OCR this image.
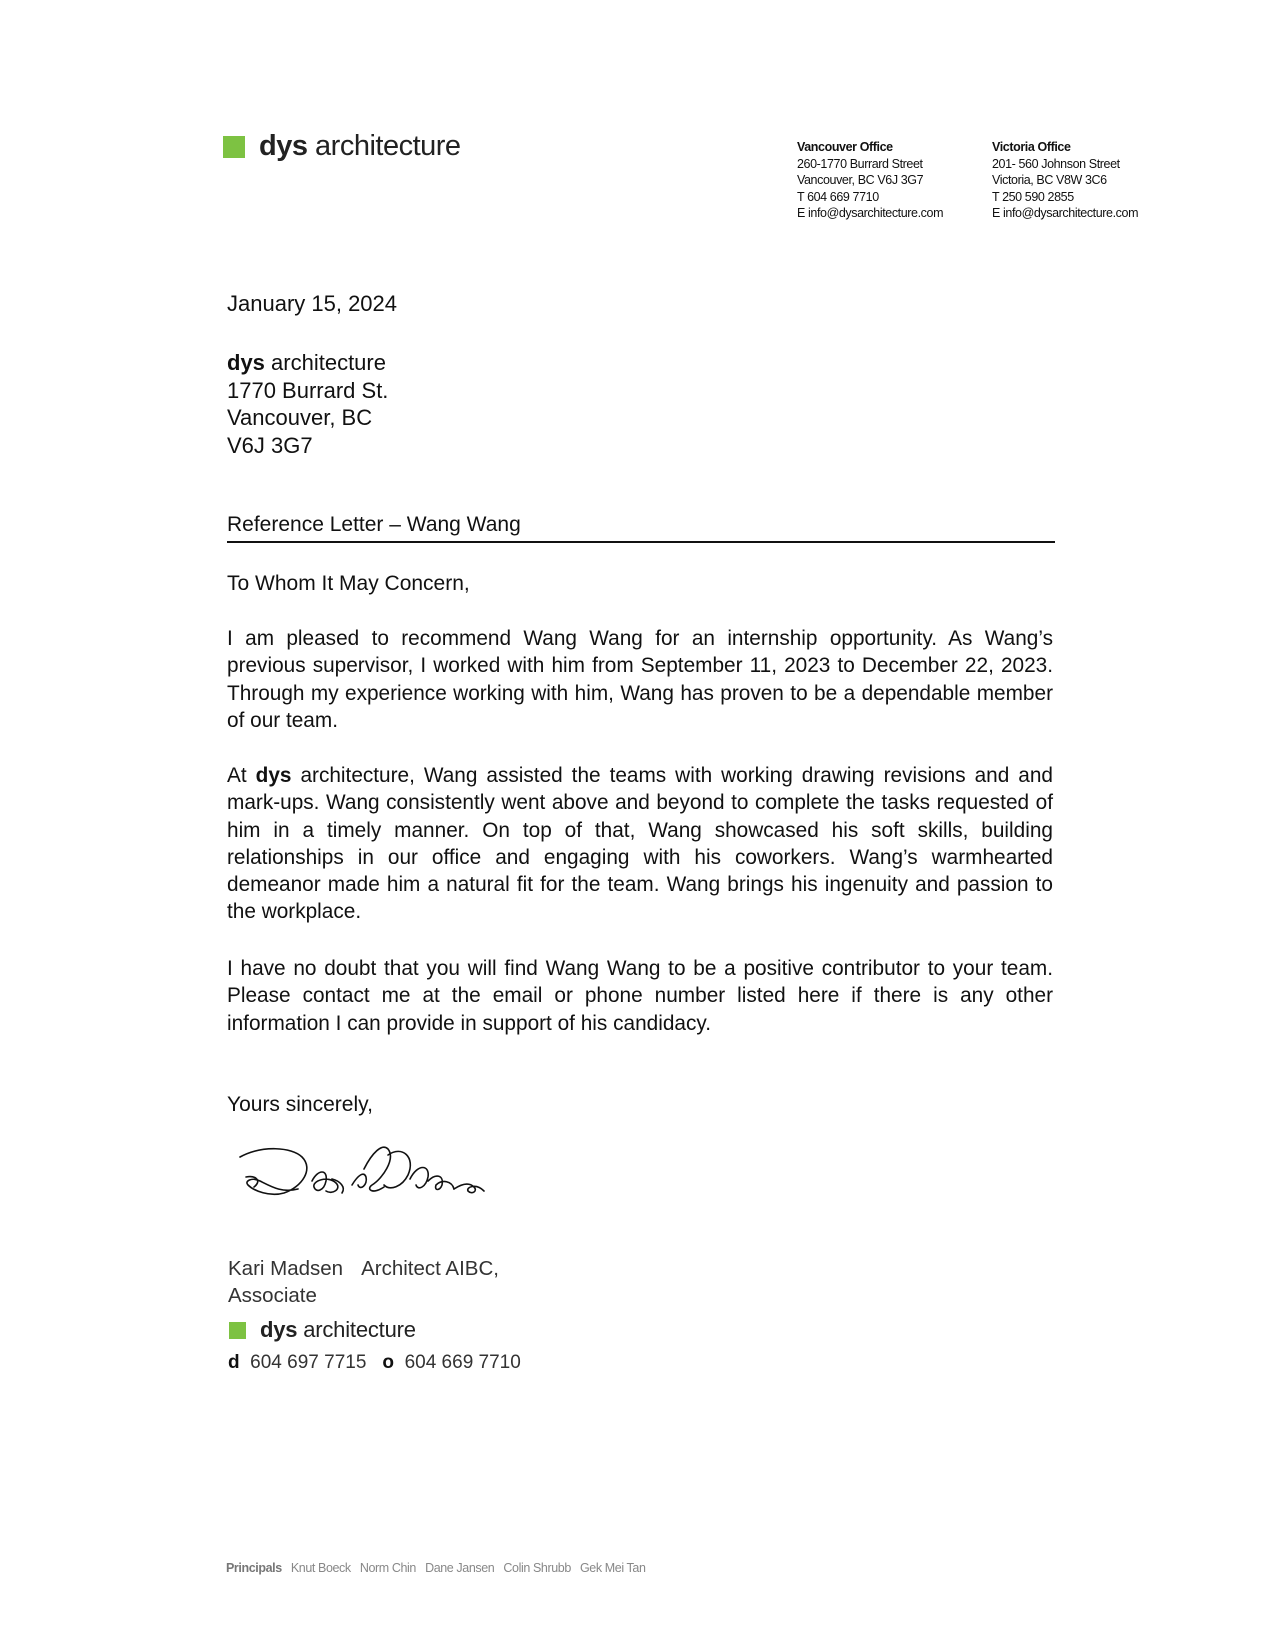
dys architecture	Vancouver Office
260-1770 Burrard Street
Vancouver, BC V6J 3G7
T 604 669 7710
E info@dysarchitecture.com
Victoria Office
201- 560 Johnson Street
Victoria, BC V8W 3C6
T 250 590 2855
E info@dysarchitecture.com
January 15, 2024
dys architecture
1770 Burrard St.
Vancouver, BC
V6J 3G7
Reference Letter – Wang Wang
To Whom It May Concern,
I am pleased to recommend Wang Wang for an internship opportunity. As Wang’s previous supervisor, I worked with him from September 11, 2023 to December 22, 2023. Through my experience working with him, Wang has proven to be a dependable member of our team.
At dys architecture, Wang assisted the teams with working drawing revisions and and mark-ups. Wang consistently went above and beyond to complete the tasks requested of him in a timely manner. On top of that, Wang showcased his soft skills, building relationships in our office and engaging with his coworkers. Wang’s warmhearted demeanor made him a natural fit for the team. Wang brings his ingenuity and passion to the workplace.
I have no doubt that you will find Wang Wang to be a positive contributor to your team. Please contact me at the email or phone number listed here if there is any other information I can provide in support of his candidacy.
Yours sincerely,
Kari Madsen Architect AIBC,
Associate
dys architecture
d 604 697 7715 o 604 669 7710
Principals Knut Boeck Norm Chin Dane Jansen Colin Shrubb Gek Mei Tan
